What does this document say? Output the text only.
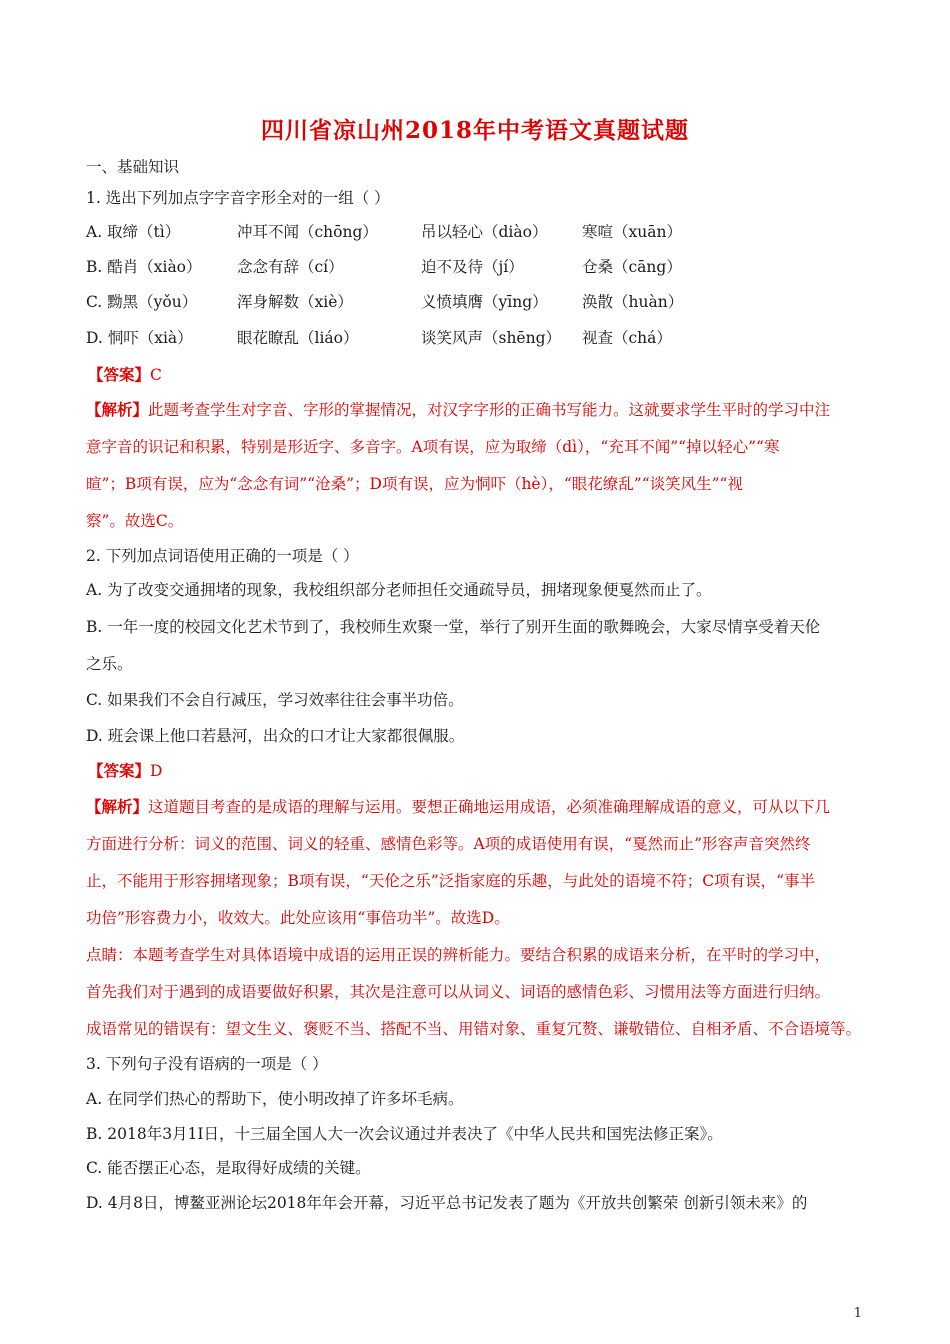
四川省凉山州2018年中考语文真题试题
一、基础知识
1. 选出下列加点字字音字形全对的一组（ ）
A. 取缔（tì）	冲耳不闻（chōng）	吊以轻心（diào） 寒喧（xuān）
B. 酷肖（xiào） 念念有辞（cí）	迫不及待（jí）	仓桑（cāng）
C. 黝黑（yǒu）	浑身解数（xiè）	义愤填膺（yīng） 涣散（huàn）
D. 恫吓（xià）	眼花瞭乱（liáo）	谈笑风声（shēng） 视查（chá）
【答案】C
【解析】此题考查学生对字音、字形的掌握情况，对汉字字形的正确书写能力。这就要求学生平时的学习中注
意字音的识记和积累，特别是形近字、多音字。A项有误，应为取缔（dì），“充耳不闻”“掉以轻心”“寒
暄”；B项有误，应为“念念有词”“沧桑”；D项有误，应为恫吓（hè），“眼花缭乱”“谈笑风生”“视
察”。故选C。
2. 下列加点词语使用正确的一项是（ ）
A. 为了改变交通拥堵的现象，我校组织部分老师担任交通疏导员，拥堵现象便戛然而止了。
B. 一年一度的校园文化艺术节到了，我校师生欢聚一堂，举行了别开生面的歌舞晚会，大家尽情享受着天伦
之乐。
C. 如果我们不会自行减压，学习效率往往会事半功倍。
D. 班会课上他口若悬河，出众的口才让大家都很佩服。
【答案】D
【解析】这道题目考查的是成语的理解与运用。要想正确地运用成语，必须准确理解成语的意义，可从以下几
方面进行分析：词义的范围、词义的轻重、感情色彩等。A项的成语使用有误，“戛然而止”形容声音突然终
止，不能用于形容拥堵现象；B项有误，“天伦之乐”泛指家庭的乐趣，与此处的语境不符；C项有误，“事半
功倍”形容费力小，收效大。此处应该用“事倍功半”。故选D。
点睛：本题考查学生对具体语境中成语的运用正误的辨析能力。要结合积累的成语来分析，在平时的学习中，
首先我们对于遇到的成语要做好积累，其次是注意可以从词义、词语的感情色彩、习惯用法等方面进行归纳。
成语常见的错误有：望文生义、褒贬不当、搭配不当、用错对象、重复冗赘、谦敬错位、自相矛盾、不合语境等。
3. 下列句子没有语病的一项是（ ）
A. 在同学们热心的帮助下，使小明改掉了许多坏毛病。
B. 2018年3月1I日，十三届全国人大一次会议通过并表决了《中华人民共和国宪法修正案》。
C. 能否摆正心态，是取得好成绩的关键。
D. 4月8日，博鳌亚洲论坛2018年年会开幕，习近平总书记发表了题为《开放共创繁荣 创新引领未来》的
1
